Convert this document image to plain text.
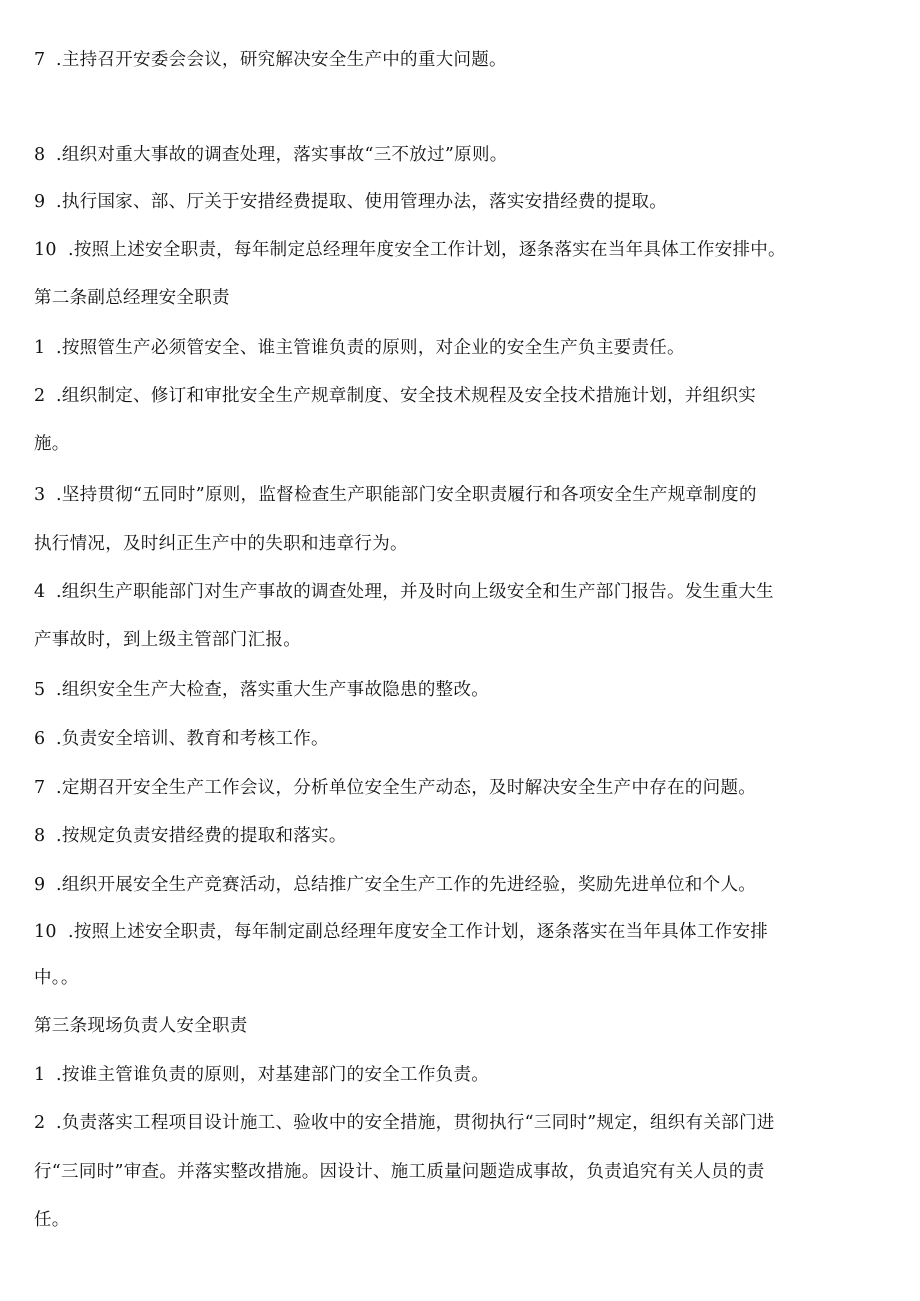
7 .主持召开安委会会议，研究解决安全生产中的重大问题。
8 .组织对重大事故的调查处理，落实事故“三不放过”原则。
9 .执行国家、部、厅关于安措经费提取、使用管理办法，落实安措经费的提取。
10 .按照上述安全职责，每年制定总经理年度安全工作计划，逐条落实在当年具体工作安排中。
第二条副总经理安全职责
1 .按照管生产必须管安全、谁主管谁负责的原则，对企业的安全生产负主要责任。
2 .组织制定、修订和审批安全生产规章制度、安全技术规程及安全技术措施计划，并组织实
施。
3 .坚持贯彻“五同时”原则，监督检查生产职能部门安全职责履行和各项安全生产规章制度的
执行情况，及时纠正生产中的失职和违章行为。
4 .组织生产职能部门对生产事故的调查处理，并及时向上级安全和生产部门报告。发生重大生
产事故时，到上级主管部门汇报。
5 .组织安全生产大检查，落实重大生产事故隐患的整改。
6 .负责安全培训、教育和考核工作。
7 .定期召开安全生产工作会议，分析单位安全生产动态，及时解决安全生产中存在的问题。
8 .按规定负责安措经费的提取和落实。
9 .组织开展安全生产竞赛活动，总结推广安全生产工作的先进经验，奖励先进单位和个人。
10 .按照上述安全职责，每年制定副总经理年度安全工作计划，逐条落实在当年具体工作安排
中。。
第三条现场负责人安全职责
1 .按谁主管谁负责的原则，对基建部门的安全工作负责。
2 .负责落实工程项目设计施工、验收中的安全措施，贯彻执行“三同时”规定，组织有关部门进
行“三同时”审查。并落实整改措施。因设计、施工质量问题造成事故，负责追究有关人员的责
任。
